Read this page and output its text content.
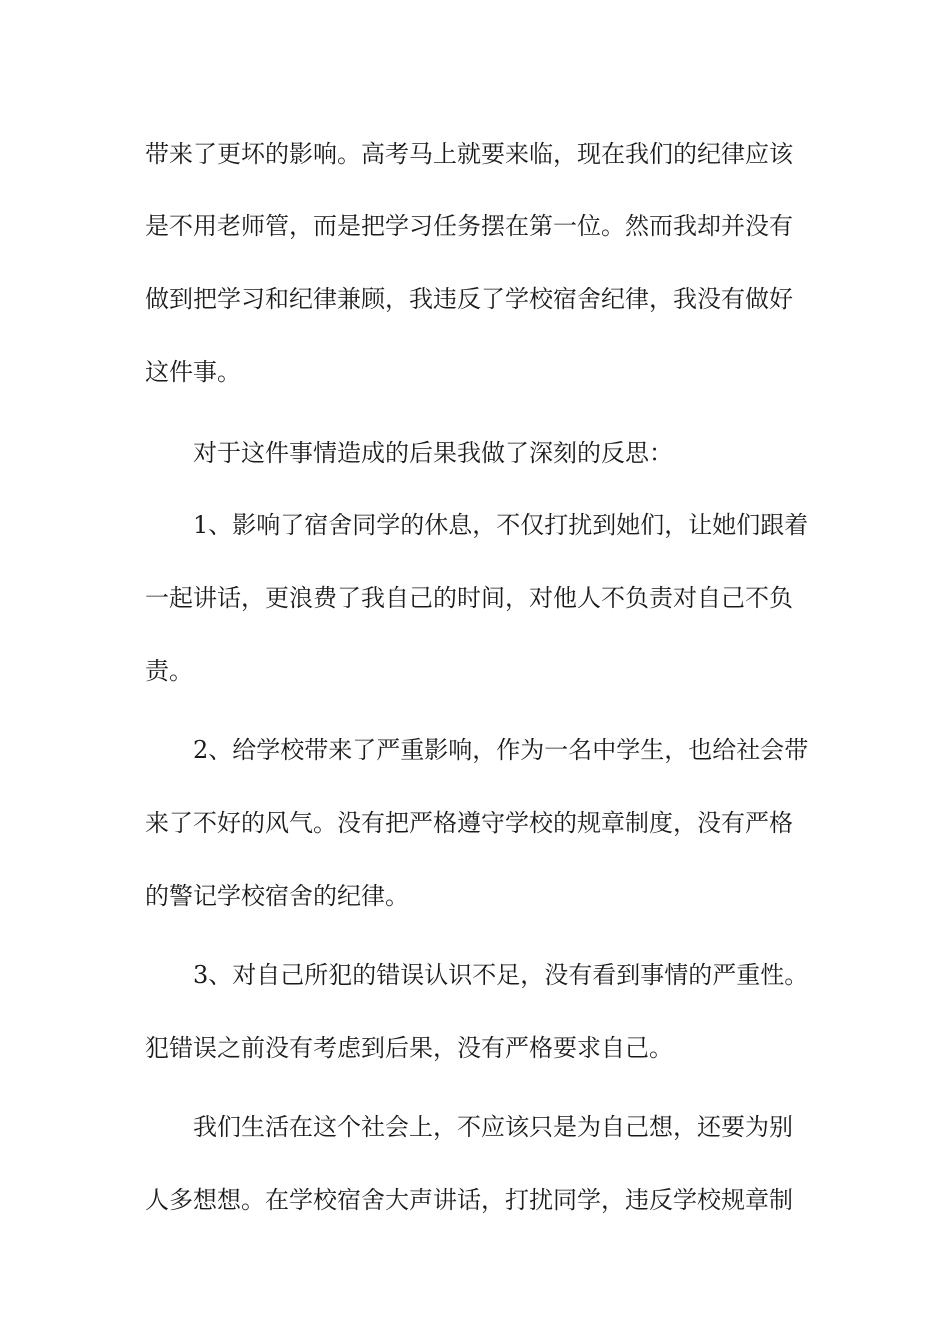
带来了更坏的影响。高考马上就要来临，现在我们的纪律应该
是不用老师管，而是把学习任务摆在第一位。然而我却并没有
做到把学习和纪律兼顾，我违反了学校宿舍纪律，我没有做好
这件事。
对于这件事情造成的后果我做了深刻的反思：
1、影响了宿舍同学的休息，不仅打扰到她们，让她们跟着
一起讲话，更浪费了我自己的时间，对他人不负责对自己不负
责。
2、给学校带来了严重影响，作为一名中学生，也给社会带
来了不好的风气。没有把严格遵守学校的规章制度，没有严格
的警记学校宿舍的纪律。
3、对自己所犯的错误认识不足，没有看到事情的严重性。
犯错误之前没有考虑到后果，没有严格要求自己。
我们生活在这个社会上，不应该只是为自己想，还要为别
人多想想。在学校宿舍大声讲话，打扰同学，违反学校规章制
